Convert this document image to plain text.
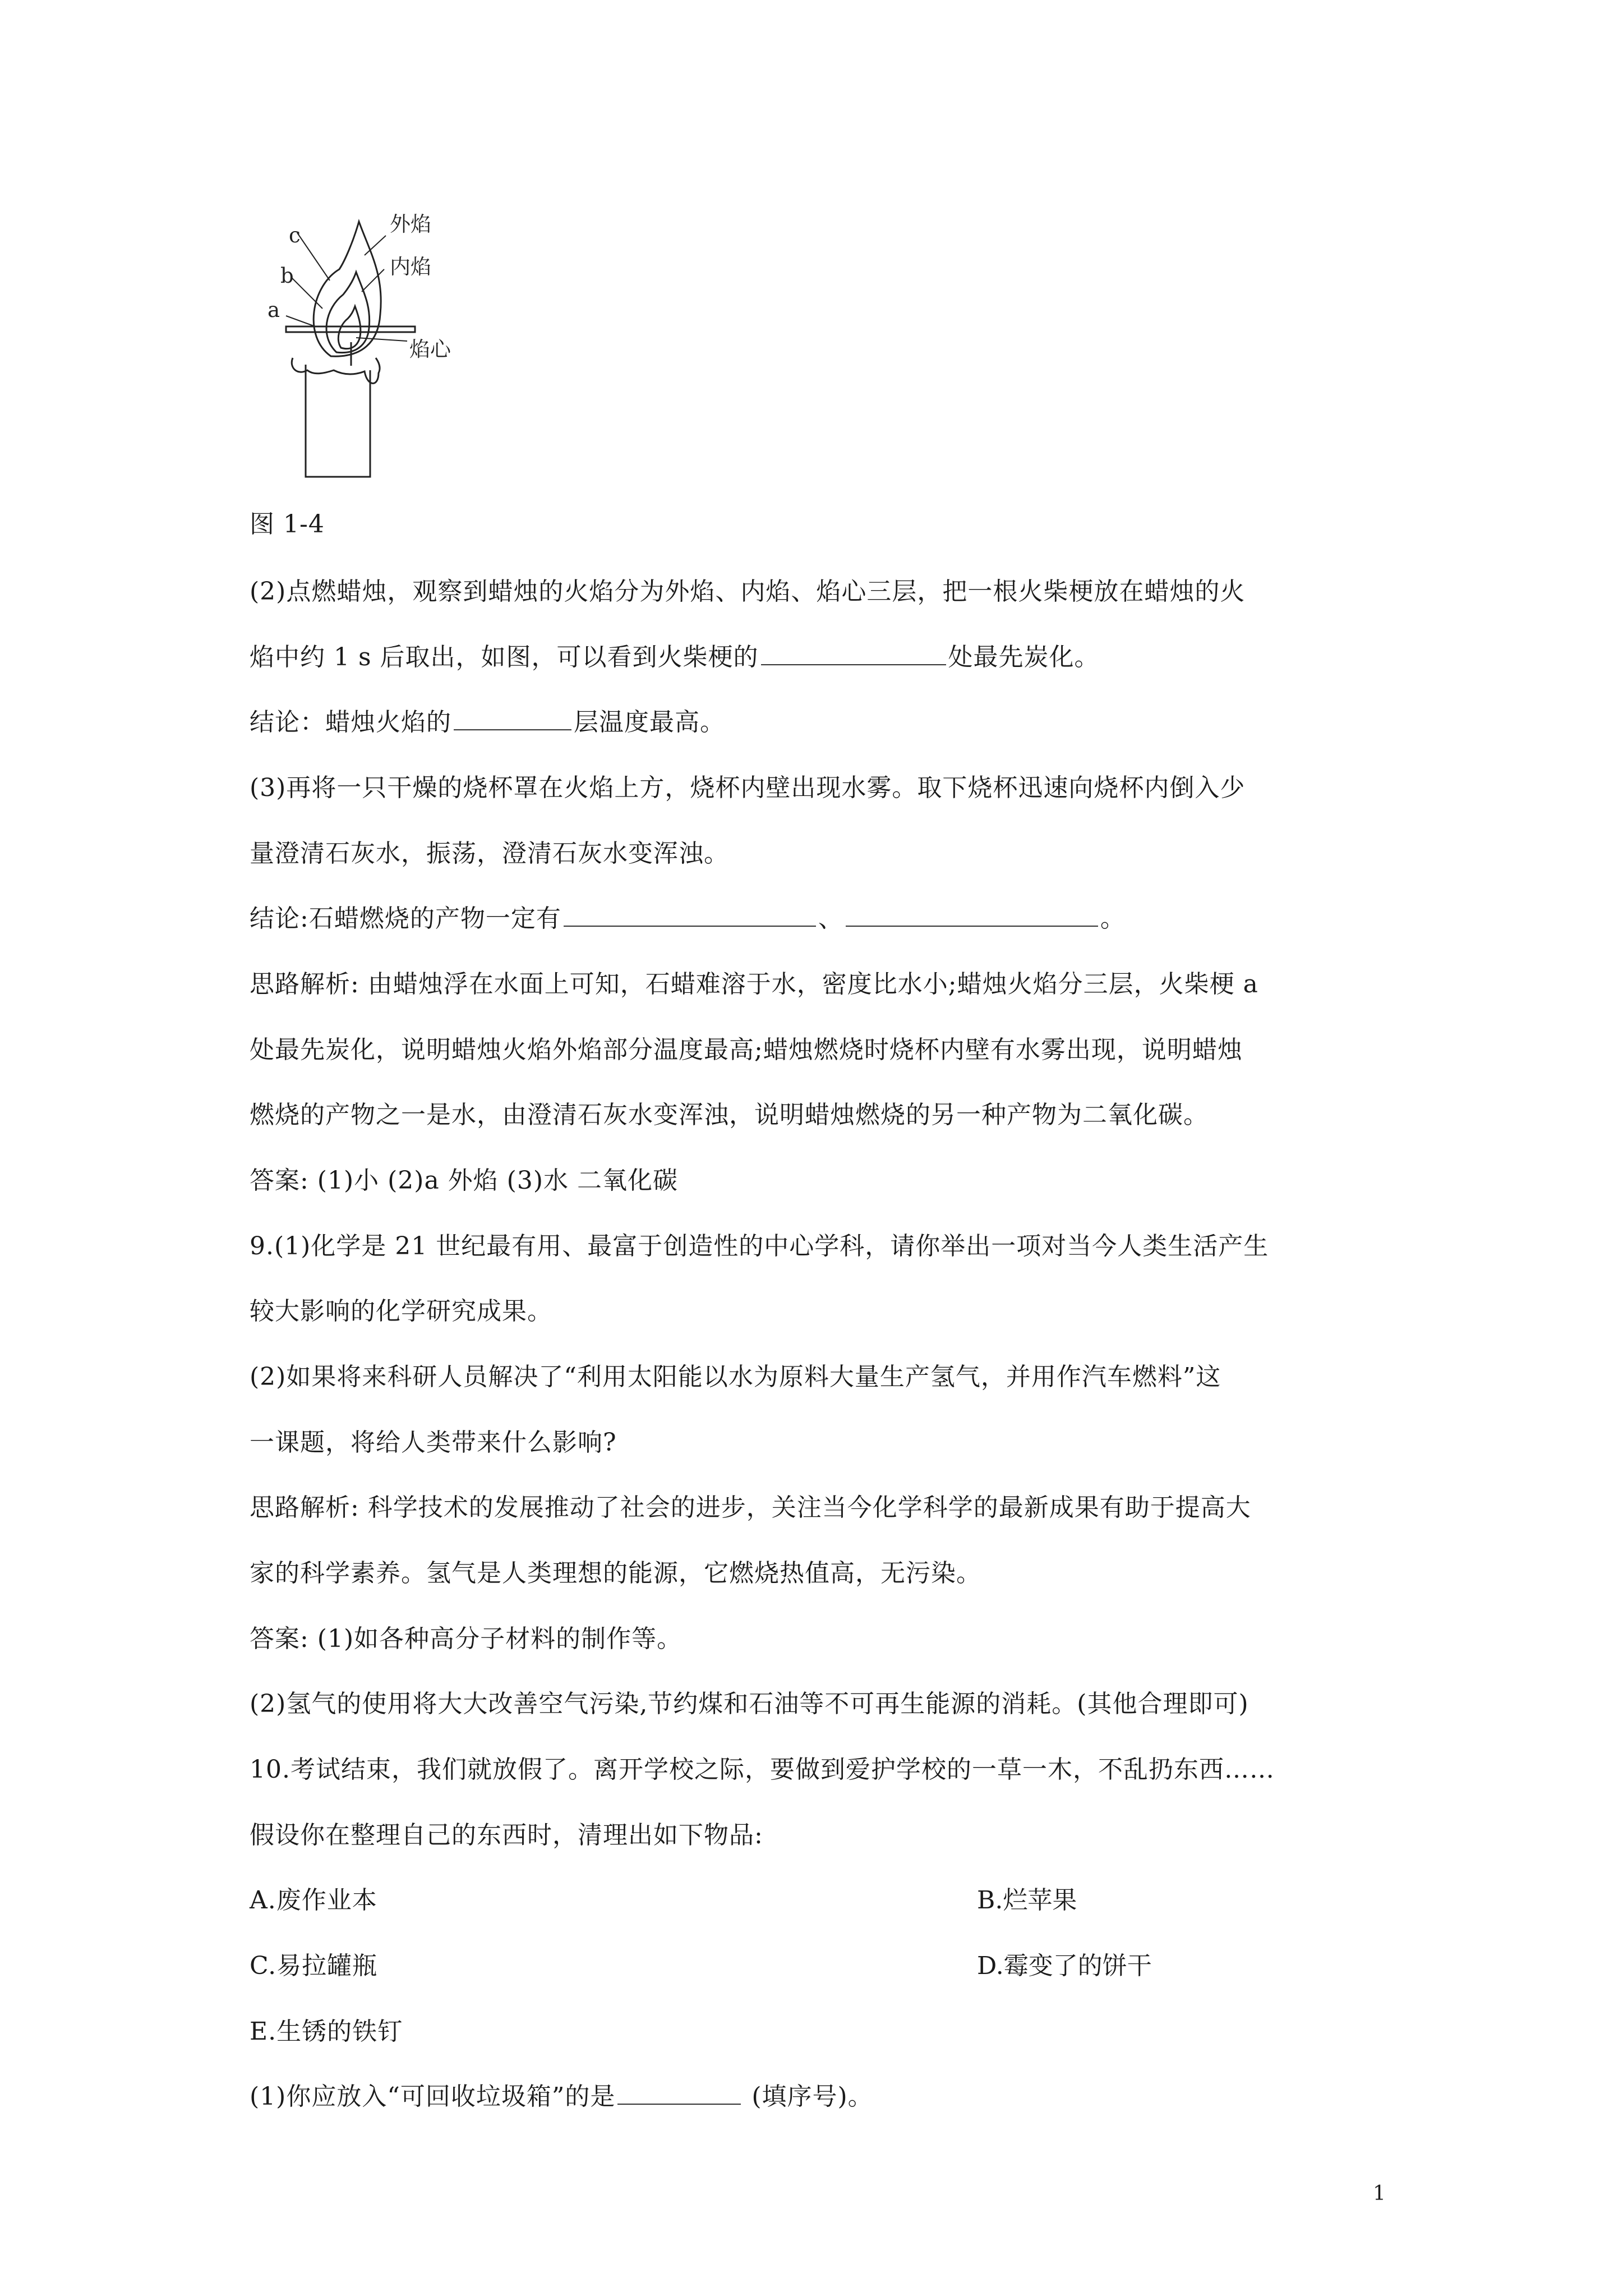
外焰
内焰
焰心
c
b
a
图 1-4
(2)点燃蜡烛，观察到蜡烛的火焰分为外焰、内焰、焰心三层，把一根火柴梗放在蜡烛的火
焰中约 1 s 后取出，如图，可以看到火柴梗的	处最先炭化。
结论：蜡烛火焰的	层温度最高。
(3)再将一只干燥的烧杯罩在火焰上方，烧杯内壁出现水雾。取下烧杯迅速向烧杯内倒入少
量澄清石灰水，振荡，澄清石灰水变浑浊。
结论:石蜡燃烧的产物一定有	、	。
思路解析: 由蜡烛浮在水面上可知，石蜡难溶于水，密度比水小;蜡烛火焰分三层，火柴梗 a
处最先炭化，说明蜡烛火焰外焰部分温度最高;蜡烛燃烧时烧杯内壁有水雾出现，说明蜡烛
燃烧的产物之一是水，由澄清石灰水变浑浊，说明蜡烛燃烧的另一种产物为二氧化碳。
答案: (1)小 (2)a 外焰 (3)水 二氧化碳
9.(1)化学是 21 世纪最有用、最富于创造性的中心学科，请你举出一项对当今人类生活产生
较大影响的化学研究成果。
(2)如果将来科研人员解决了“利用太阳能以水为原料大量生产氢气，并用作汽车燃料”这
一课题，将给人类带来什么影响?
思路解析: 科学技术的发展推动了社会的进步，关注当今化学科学的最新成果有助于提高大
家的科学素养。氢气是人类理想的能源，它燃烧热值高，无污染。
答案: (1)如各种高分子材料的制作等。
(2)氢气的使用将大大改善空气污染,节约煤和石油等不可再生能源的消耗。(其他合理即可)
10.考试结束，我们就放假了。离开学校之际，要做到爱护学校的一草一木，不乱扔东西……
假设你在整理自己的东西时，清理出如下物品:
A.废作业本	B.烂苹果
C.易拉罐瓶	D.霉变了的饼干
E.生锈的铁钉
(1)你应放入“可回收垃圾箱”的是	(填序号)。
1
